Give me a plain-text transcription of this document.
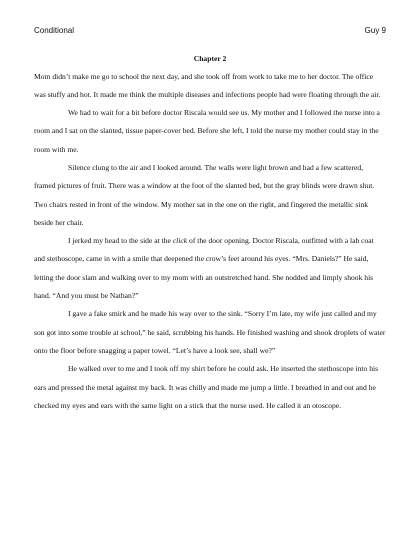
Conditional	Guy 9

Chapter 2

Mom didn’t make me go to school the next day, and she took off from work to take me to her doctor. The office was stuffy and hot. It made me think the multiple diseases and infections people had were floating through the air.

We had to wait for a bit before doctor Riscala would see us. My mother and I followed the nurse into a room and I sat on the slanted, tissue paper-cover bed. Before she left, I told the nurse my mother could stay in the room with me.

Silence clung to the air and I looked around. The walls were light brown and had a few scattered, framed pictures of fruit. There was a window at the foot of the slanted bed, but the gray blinds were drawn shut. Two chairs rested in front of the window. My mother sat in the one on the right, and fingered the metallic sink beside her chair.

I jerked my head to the side at the click of the door opening. Doctor Riscala, outfitted with a lab coat and stethoscope, came in with a smile that deepened the crow’s feet around his eyes. “Mrs. Daniels?” He said, letting the door slam and walking over to my mom with an outstretched hand. She nodded and limply shook his hand. “And you must be Nathan?”

I gave a fake smirk and he made his way over to the sink. “Sorry I’m late, my wife just called and my son got into some trouble at school,” he said, scrubbing his hands. He finished washing and shook droplets of water onto the floor before snagging a paper towel. “Let’s have a look see, shall we?”

He walked over to me and I took off my shirt before he could ask. He inserted the stethoscope into his ears and pressed the metal against my back. It was chilly and made me jump a little. I breathed in and out and he checked my eyes and ears with the same light on a stick that the nurse used. He called it an otoscope.
